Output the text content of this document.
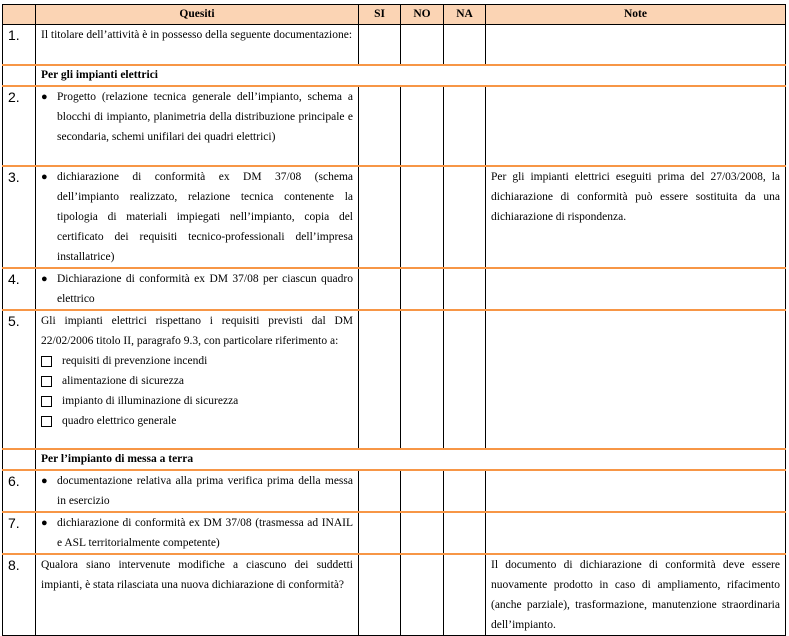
	Quesiti	SI	NO	NA	Note
1.	Il titolare dell’attività è in possesso della seguente documentazione:				
	Per gli impianti elettrici				
2.	● Progetto (relazione tecnica generale dell’impianto, schema a blocchi di impianto, planimetria della distribuzione principale e secondaria, schemi unifilari dei quadri elettrici)				

3.	● dichiarazione di conformità ex DM 37/08 (schema dell’impianto realizzato, relazione tecnica contenente la tipologia di materiali impiegati nell’impianto, copia del certificato dei requisiti tecnico-professionali dell’impresa installatrice)				Per gli impianti elettrici eseguiti prima del 27/03/2008, la dichiarazione di conformità può essere sostituita da una dichiarazione di rispondenza.
4.	● Dichiarazione di conformità ex DM 37/08 per ciascun quadro elettrico				

5.	Gli impianti elettrici rispettano i requisiti previsti dal DM 22/02/2006 titolo II, paragrafo 9.3, con particolare riferimento a:
requisiti di prevenzione incendi
alimentazione di sicurezza
impianto di illuminazione di sicurezza
quadro elettrico generale				

	Per l’impianto di messa a terra				
6.	● documentazione relativa alla prima verifica prima della messa in esercizio				

7.	● dichiarazione di conformità ex DM 37/08 (trasmessa ad INAIL e ASL territorialmente competente)				

8.	Qualora siano intervenute modifiche a ciascuno dei suddetti impianti, è stata rilasciata una nuova dichiarazione di conformità?				Il documento di dichiarazione di conformità deve essere nuovamente prodotto in caso di ampliamento, rifacimento (anche parziale), trasformazione, manutenzione straordinaria dell’impianto.
